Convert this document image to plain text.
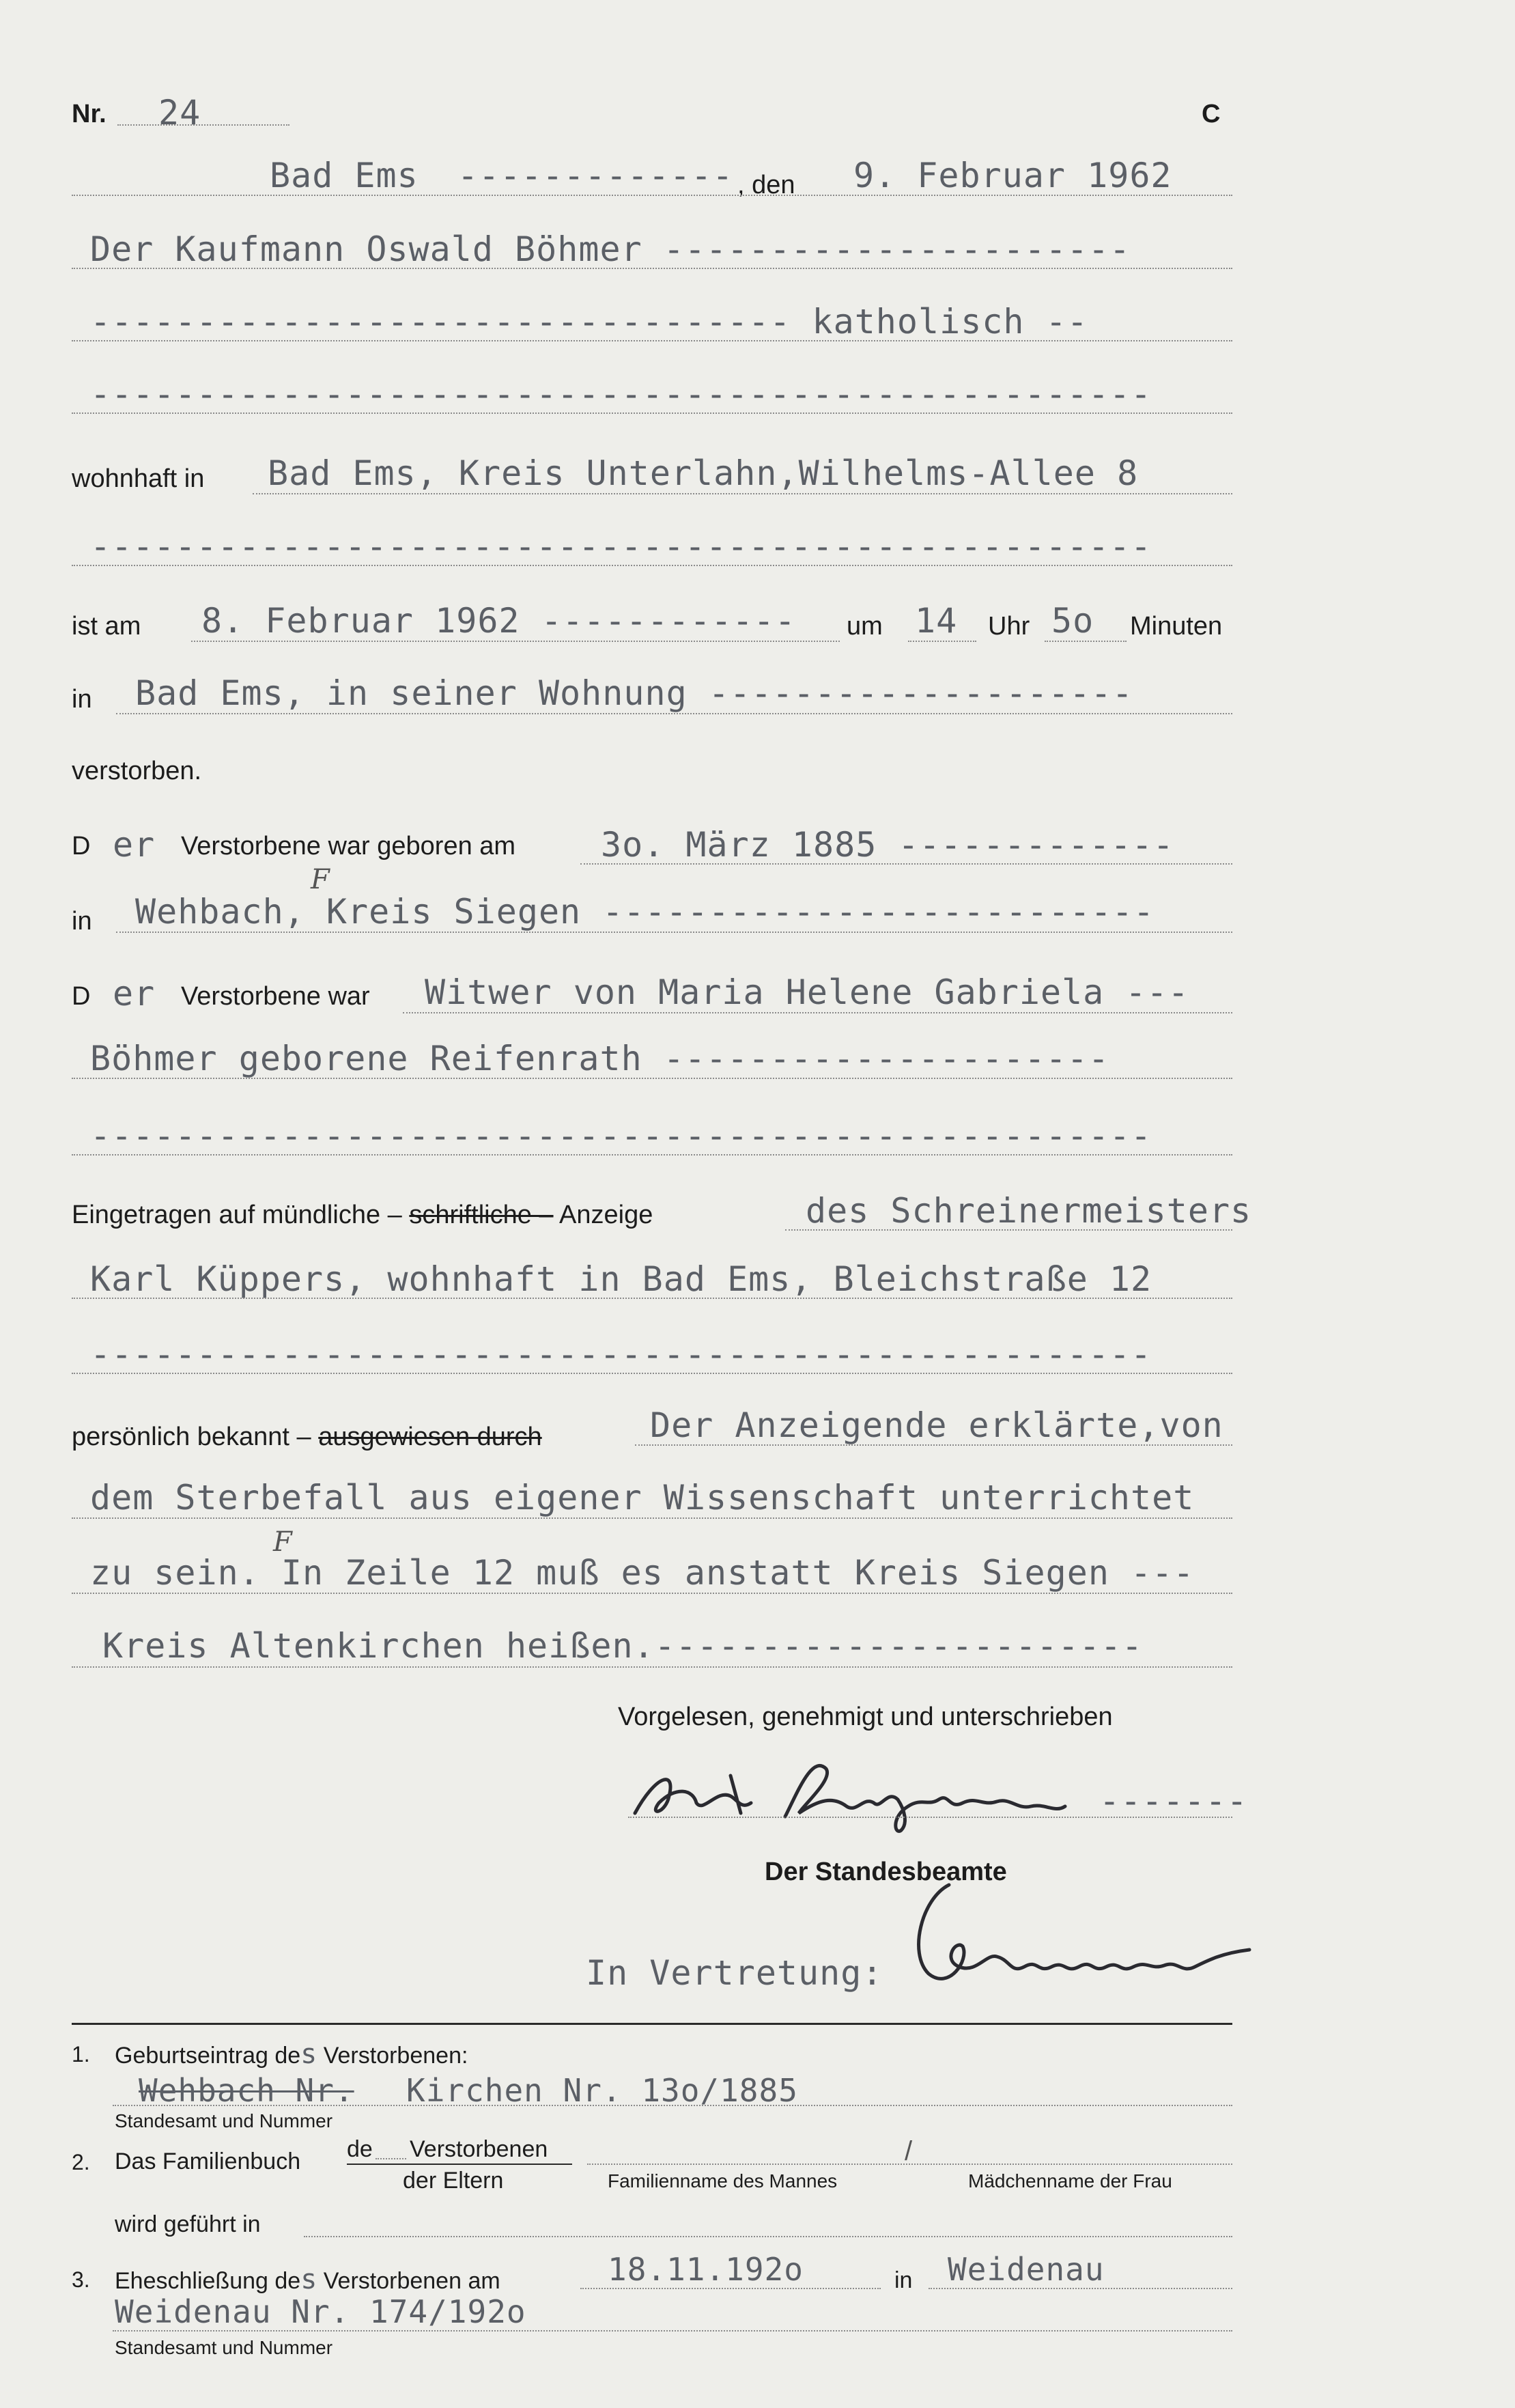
Nr. 24	C
Bad Ems ------------- , den 9. Februar 1962
Der Kaufmann Oswald Böhmer ----------------------
--------------------------------- katholisch --
--------------------------------------------------
wohnhaft in Bad Ems, Kreis Unterlahn,Wilhelms-Allee 8
--------------------------------------------------
ist am 8. Februar 1962 ------------ um 14 Uhr 5o Minuten
in Bad Ems, in seiner Wohnung --------------------
verstorben.
D er Verstorbene war geboren am 3o. März 1885 -------------
in Wehbach, Kreis Siegen --------------------------
F
D er Verstorbene war Witwer von Maria Helene Gabriela ---
Böhmer geborene Reifenrath ---------------------
--------------------------------------------------
Eingetragen auf mündliche – schriftliche – Anzeige	des Schreinermeisters
Karl Küppers, wohnhaft in Bad Ems, Bleichstraße 12
--------------------------------------------------
persönlich bekannt – ausgewiesen durch	Der Anzeigende erklärte,von
dem Sterbefall aus eigener Wissenschaft unterrichtet
zu sein. In Zeile 12 muß es anstatt Kreis Siegen ---
Kreis Altenkirchen heißen.-----------------------
F
Vorgelesen, genehmigt und unterschrieben
-------
Der Standesbeamte
In Vertretung:
1. Geburtseintrag des Verstorbenen:
Wehbach Nr. Kirchen Nr. 13o/1885
Standesamt und Nummer
2. Das Familienbuch de Verstorbenen
der Eltern	Familienname des Mannes
/
Mädchenname der Frau
wird geführt in
3. Eheschließung des Verstorbenen am	18.11.192o	in Weidenau
Weidenau Nr. 174/192o
Standesamt und Nummer
